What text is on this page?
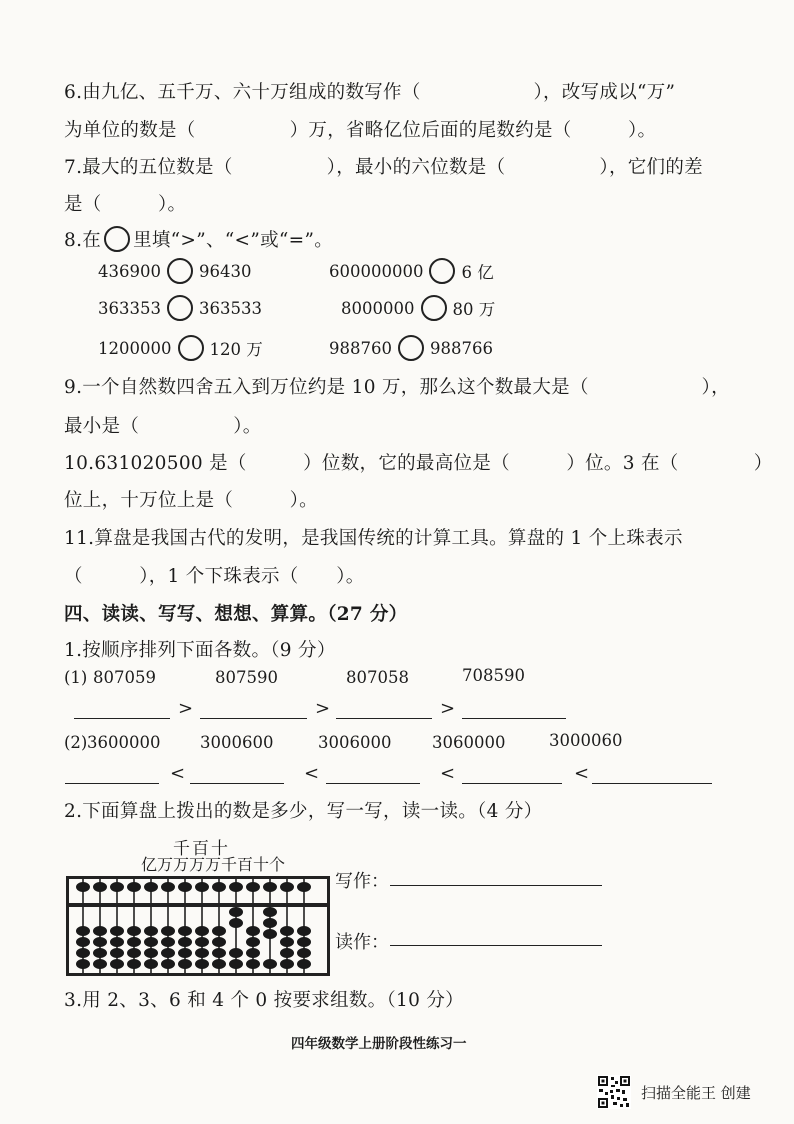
6.由九亿、五千万、六十万组成的数写作（　　　　　　），改写成以“万”
为单位的数是（　　　　　）万，省略亿位后面的尾数约是（　　　）。
7.最大的五位数是（　　　　　），最小的六位数是（　　　　　），它们的差
是（　　　）。
8.在 里填“>”、“<”或“=”。
436900 96430	600000000 6 亿
363353 363533	8000000 80 万
1200000 120 万	988760 988766
9.一个自然数四舍五入到万位约是 10 万，那么这个数最大是（　　　　　　），
最小是（　　　　　）。
10.631020500 是（　　　）位数，它的最高位是（　　　）位。3 在（　　　　）
位上，十万位上是（　　　）。
11.算盘是我国古代的发明，是我国传统的计算工具。算盘的 1 个上珠表示
（　　　），1 个下珠表示（　　）。
四、读读、写写、想想、算算。（27 分）
1.按顺序排列下面各数。（9 分）
(1) 807059	807590	807058	708590
>	>	>
(2) 3600000 3000600	3006000 3060000	3000060
<	<	<	<
2.下面算盘上拨出的数是多少，写一写，读一读。（4 分）
千百十
亿万万万万千百十个
写作：
读作：
3.用 2、3、6 和 4 个 0 按要求组数。（10 分）
四年级数学上册阶段性练习一
扫描全能王 创建
